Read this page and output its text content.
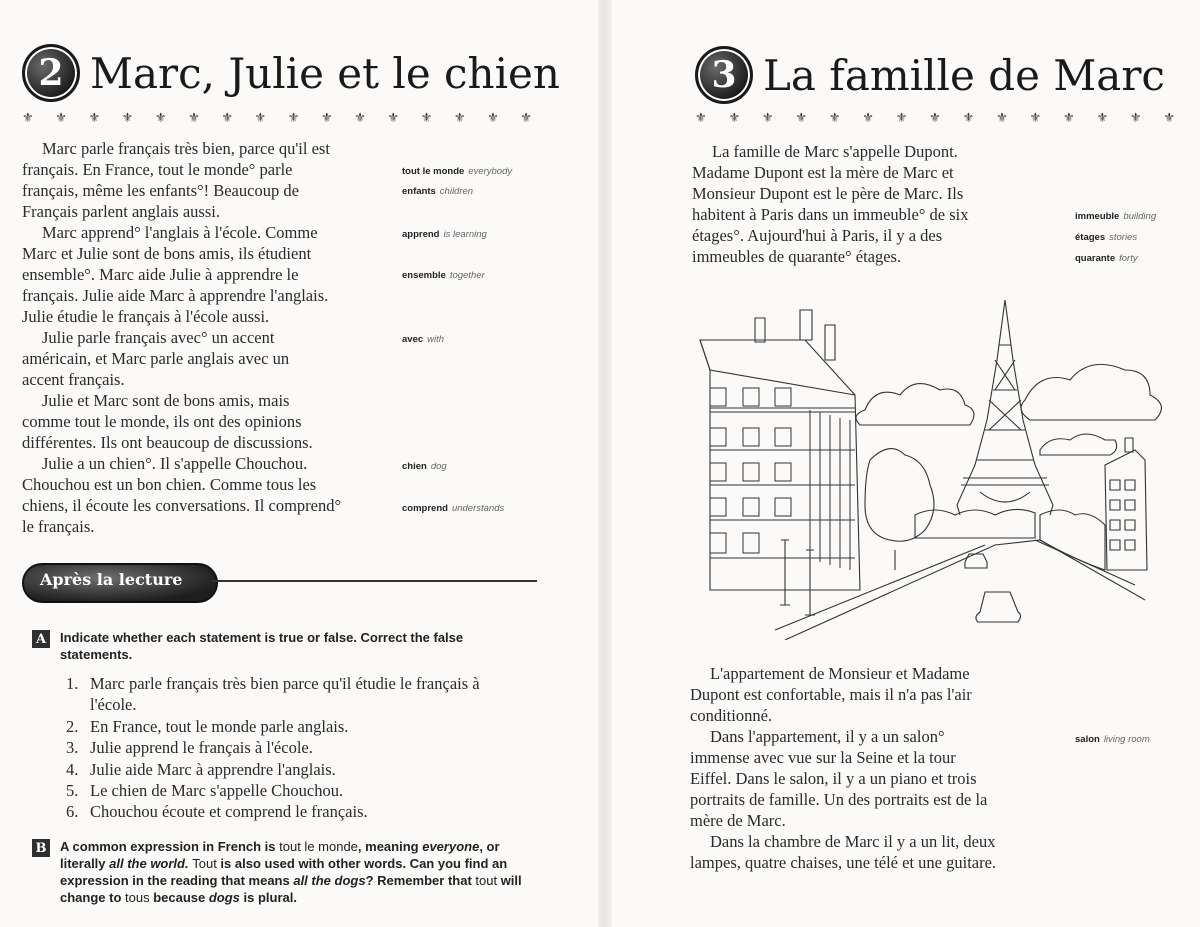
2 Marc, Julie et le chien
⚜ ⚜ ⚜ ⚜ ⚜ ⚜ ⚜ ⚜ ⚜ ⚜ ⚜ ⚜ ⚜ ⚜ ⚜ ⚜

Marc parle français très bien, parce qu'il est
français. En France, tout le monde° parle
français, même les enfants°! Beaucoup de
Français parlent anglais aussi.

Marc apprend° l'anglais à l'école. Comme
Marc et Julie sont de bons amis, ils étudient
ensemble°. Marc aide Julie à apprendre le
français. Julie aide Marc à apprendre l'anglais.
Julie étudie le français à l'école aussi.

Julie parle français avec° un accent
américain, et Marc parle anglais avec un
accent français.

Julie et Marc sont de bons amis, mais
comme tout le monde, ils ont des opinions
différentes. Ils ont beaucoup de discussions.

Julie a un chien°. Il s'appelle Chouchou.
Chouchou est un bon chien. Comme tous les
chiens, il écoute les conversations. Il comprend°
le français.

tout le monde everybody
enfants children
apprend is learning
ensemble together
avec with
chien dog
comprend understands
Après la lecture
A	Indicate whether each statement is true or false. Correct the false statements.
1. Marc parle français très bien parce qu'il étudie le français à l'école.
2. En France, tout le monde parle anglais.
3. Julie apprend le français à l'école.
4. Julie aide Marc à apprendre l'anglais.
5. Le chien de Marc s'appelle Chouchou.
6. Chouchou écoute et comprend le français.
B A common expression in French is tout le monde, meaning everyone, or literally all the world. Tout is also used with other words. Can you find an expression in the reading that means all the dogs? Remember that tout will change to tous because dogs is plural.
3 La famille de Marc
⚜ ⚜ ⚜ ⚜ ⚜ ⚜ ⚜ ⚜ ⚜ ⚜ ⚜ ⚜ ⚜ ⚜ ⚜

La famille de Marc s'appelle Dupont.
Madame Dupont est la mère de Marc et
Monsieur Dupont est le père de Marc. Ils
habitent à Paris dans un immeuble° de six
étages°. Aujourd'hui à Paris, il y a des
immeubles de quarante° étages.

immeuble building
étages stories
quarante forty

L'appartement de Monsieur et Madame
Dupont est confortable, mais il n'a pas l'air
conditionné.

Dans l'appartement, il y a un salon°
immense avec vue sur la Seine et la tour
Eiffel. Dans le salon, il y a un piano et trois
portraits de famille. Un des portraits est de la
mère de Marc.

Dans la chambre de Marc il y a un lit, deux
lampes, quatre chaises, une télé et une guitare.

salon living room
